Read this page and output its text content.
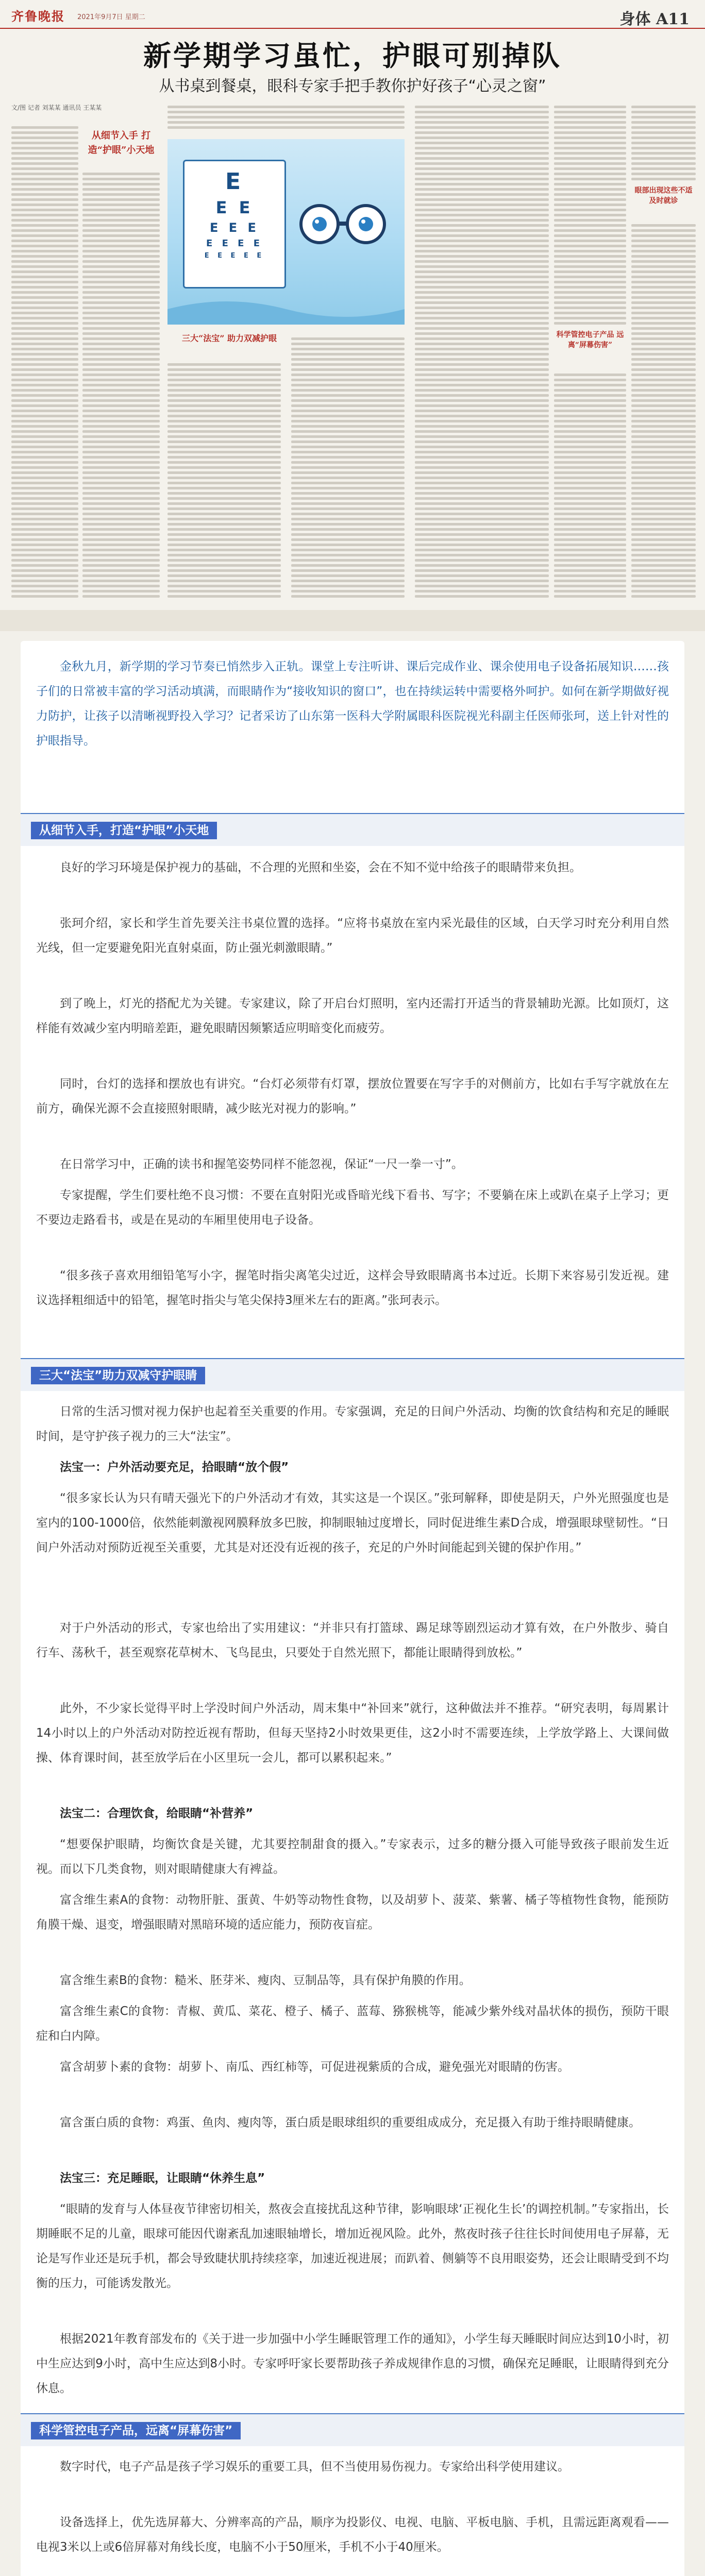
齐鲁晚报 2021年9月7日 星期二	身体 A11
新学期学习虽忙，护眼可别掉队
从书桌到餐桌，眼科专家手把手教你护好孩子“心灵之窗”
文/图 记者 刘某某 通讯员 王某某
从细节入手 打造“护眼”小天地
E
E E
E E E
E E E E
E E E E E
三大“法宝” 助力双减护眼	科学管控电子产品 远离“屏幕伤害”
眼部出现这些不适及时就诊
金秋九月，新学期的学习节奏已悄然步入正轨。课堂上专注听讲、课后完成作业、课余使用电子设备拓展知识……孩子们的日常被丰富的学习活动填满，而眼睛作为“接收知识的窗口”，也在持续运转中需要格外呵护。如何在新学期做好视力防护，让孩子以清晰视野投入学习？记者采访了山东第一医科大学附属眼科医院视光科副主任医师张珂，送上针对性的护眼指导。
从细节入手，打造“护眼”小天地
良好的学习环境是保护视力的基础，不合理的光照和坐姿，会在不知不觉中给孩子的眼睛带来负担。
张珂介绍，家长和学生首先要关注书桌位置的选择。“应将书桌放在室内采光最佳的区域，白天学习时充分利用自然光线，但一定要避免阳光直射桌面，防止强光刺激眼睛。”
到了晚上，灯光的搭配尤为关键。专家建议，除了开启台灯照明，室内还需打开适当的背景辅助光源。比如顶灯，这样能有效减少室内明暗差距，避免眼睛因频繁适应明暗变化而疲劳。
同时，台灯的选择和摆放也有讲究。“台灯必须带有灯罩，摆放位置要在写字手的对侧前方，比如右手写字就放在左前方，确保光源不会直接照射眼睛，减少眩光对视力的影响。”
在日常学习中，正确的读书和握笔姿势同样不能忽视，保证“一尺一拳一寸”。
专家提醒，学生们要杜绝不良习惯：不要在直射阳光或昏暗光线下看书、写字；不要躺在床上或趴在桌子上学习；更不要边走路看书，或是在晃动的车厢里使用电子设备。
“很多孩子喜欢用细铅笔写小字，握笔时指尖离笔尖过近，这样会导致眼睛离书本过近。长期下来容易引发近视。建议选择粗细适中的铅笔，握笔时指尖与笔尖保持3厘米左右的距离。”张珂表示。
三大“法宝”助力双减守护眼睛
日常的生活习惯对视力保护也起着至关重要的作用。专家强调，充足的日间户外活动、均衡的饮食结构和充足的睡眠时间，是守护孩子视力的三大“法宝”。
法宝一：户外活动要充足，拾眼睛“放个假”
“很多家长认为只有晴天强光下的户外活动才有效，其实这是一个误区。”张珂解释，即使是阴天，户外光照强度也是室内的100-1000倍，依然能刺激视网膜释放多巴胺，抑制眼轴过度增长，同时促进维生素D合成，增强眼球壁韧性。“日间户外活动对预防近视至关重要，尤其是对还没有近视的孩子，充足的户外时间能起到关键的保护作用。”
对于户外活动的形式，专家也给出了实用建议：“并非只有打篮球、踢足球等剧烈运动才算有效，在户外散步、骑自行车、荡秋千，甚至观察花草树木、飞鸟昆虫，只要处于自然光照下，都能让眼睛得到放松。”
此外，不少家长觉得平时上学没时间户外活动，周末集中“补回来”就行，这种做法并不推荐。“研究表明，每周累计14小时以上的户外活动对防控近视有帮助，但每天坚持2小时效果更佳，这2小时不需要连续，上学放学路上、大课间做操、体育课时间，甚至放学后在小区里玩一会儿，都可以累积起来。”
法宝二：合理饮食，给眼睛“补营养”
“想要保护眼睛，均衡饮食是关键，尤其要控制甜食的摄入。”专家表示，过多的糖分摄入可能导致孩子眼前发生近视。而以下几类食物，则对眼睛健康大有裨益。
富含维生素A的食物：动物肝脏、蛋黄、牛奶等动物性食物，以及胡萝卜、菠菜、紫薯、橘子等植物性食物，能预防角膜干燥、退变，增强眼睛对黑暗环境的适应能力，预防夜盲症。
富含维生素B的食物：糙米、胚芽米、瘦肉、豆制品等，具有保护角膜的作用。
富含维生素C的食物：青椒、黄瓜、菜花、橙子、橘子、蓝莓、猕猴桃等，能减少紫外线对晶状体的损伤，预防干眼症和白内障。
富含胡萝卜素的食物：胡萝卜、南瓜、西红柿等，可促进视紫质的合成，避免强光对眼睛的伤害。
富含蛋白质的食物：鸡蛋、鱼肉、瘦肉等，蛋白质是眼球组织的重要组成成分，充足摄入有助于维持眼睛健康。
法宝三：充足睡眠，让眼睛“休养生息”
“眼睛的发育与人体昼夜节律密切相关，熬夜会直接扰乱这种节律，影响眼球‘正视化生长’的调控机制。”专家指出，长期睡眠不足的儿童，眼球可能因代谢紊乱加速眼轴增长，增加近视风险。此外，熬夜时孩子往往长时间使用电子屏幕，无论是写作业还是玩手机，都会导致睫状肌持续痉挛，加速近视进展；而趴着、侧躺等不良用眼姿势，还会让眼睛受到不均衡的压力，可能诱发散光。
根据2021年教育部发布的《关于进一步加强中小学生睡眠管理工作的通知》，小学生每天睡眠时间应达到10小时，初中生应达到9小时，高中生应达到8小时。专家呼吁家长要帮助孩子养成规律作息的习惯，确保充足睡眠，让眼睛得到充分休息。
科学管控电子产品，远离“屏幕伤害”
数字时代，电子产品是孩子学习娱乐的重要工具，但不当使用易伤视力。专家给出科学使用建议。
设备选择上，优先选屏幕大、分辨率高的产品，顺序为投影仪、电视、电脑、平板电脑、手机，且需远距离观看——电视3米以上或6倍屏幕对角线长度，电脑不小于50厘米，手机不小于40厘米。
